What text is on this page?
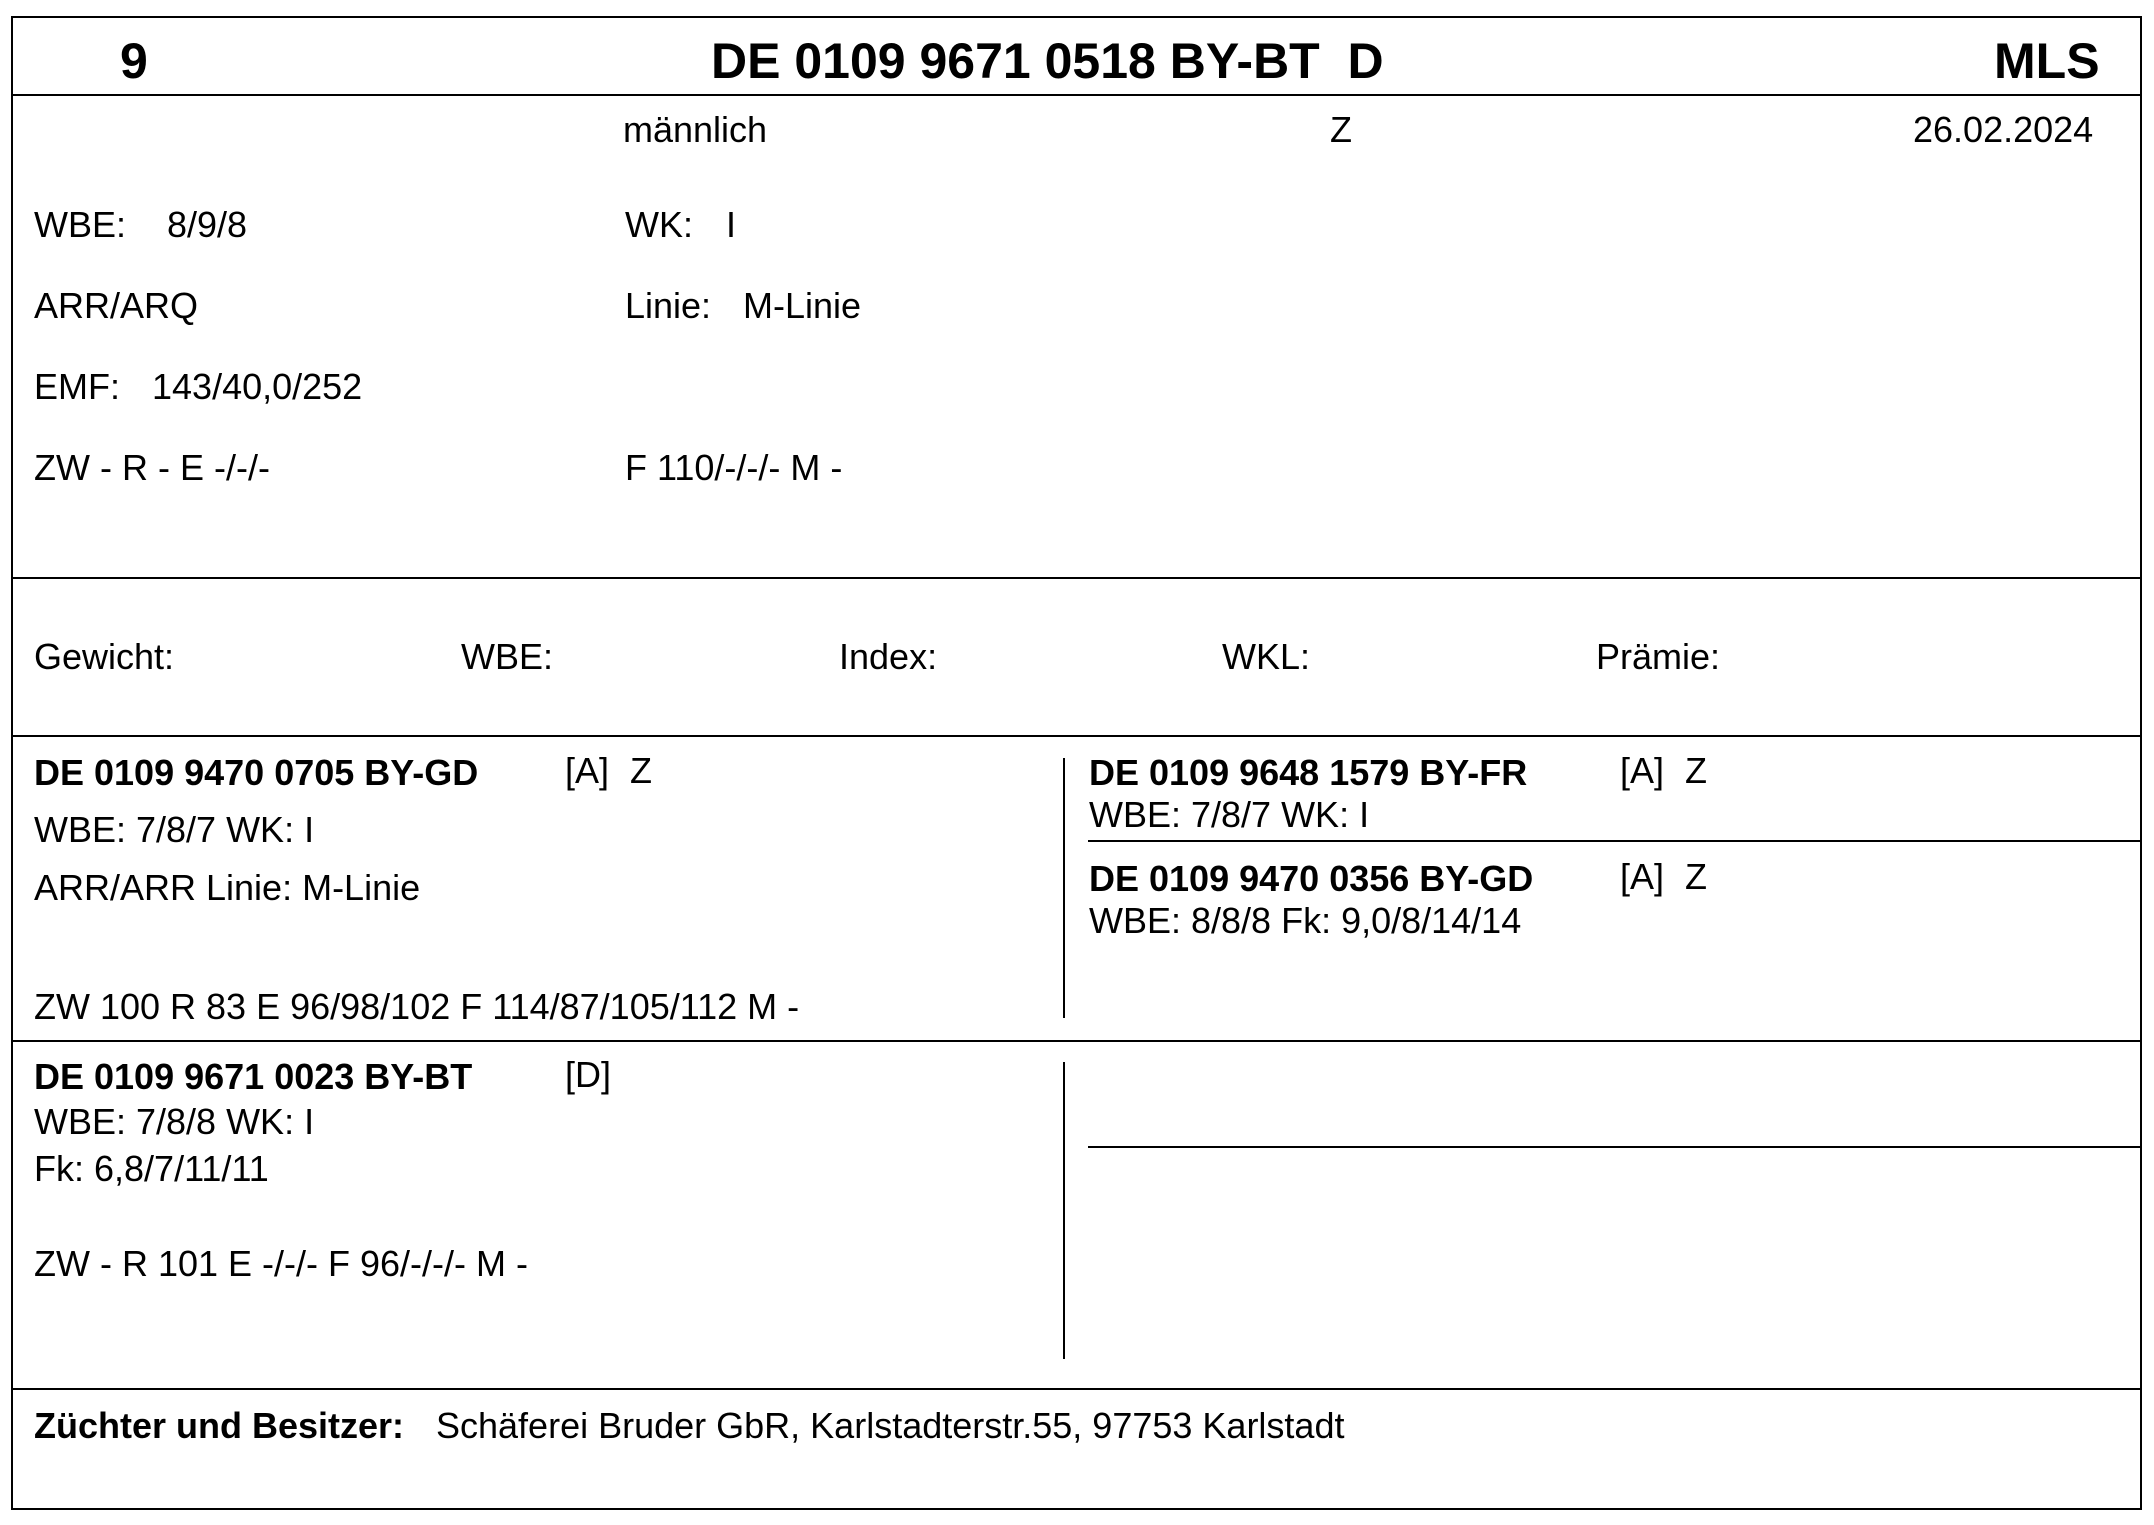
9	DE 0109 9671 0518 BY-BT  D	MLS
männlich	Z	26.02.2024
WBE: 8/9/8	WK: I
ARR/ARQ	Linie: M-Linie
EMF: 143/40,0/252
ZW - R - E -/-/-	F 110/-/-/- M -
Gewicht:	WBE:	Index:	WKL:	Prämie:
DE 0109 9470 0705 BY-GD [A] Z
WBE: 7/8/7 WK: I
ARR/ARR Linie: M-Linie
ZW 100 R 83 E 96/98/102 F 114/87/105/112 M -
DE 0109 9648 1579 BY-FR	[A] Z
WBE: 7/8/7 WK: I
DE 0109 9470 0356 BY-GD [A] Z
WBE: 8/8/8 Fk: 9,0/8/14/14
DE 0109 9671 0023 BY-BT	[D]
WBE: 7/8/8 WK: I
Fk: 6,8/7/11/11
ZW - R 101 E -/-/- F 96/-/-/- M -
Züchter und Besitzer: Schäferei Bruder GbR, Karlstadterstr.55, 97753 Karlstadt
